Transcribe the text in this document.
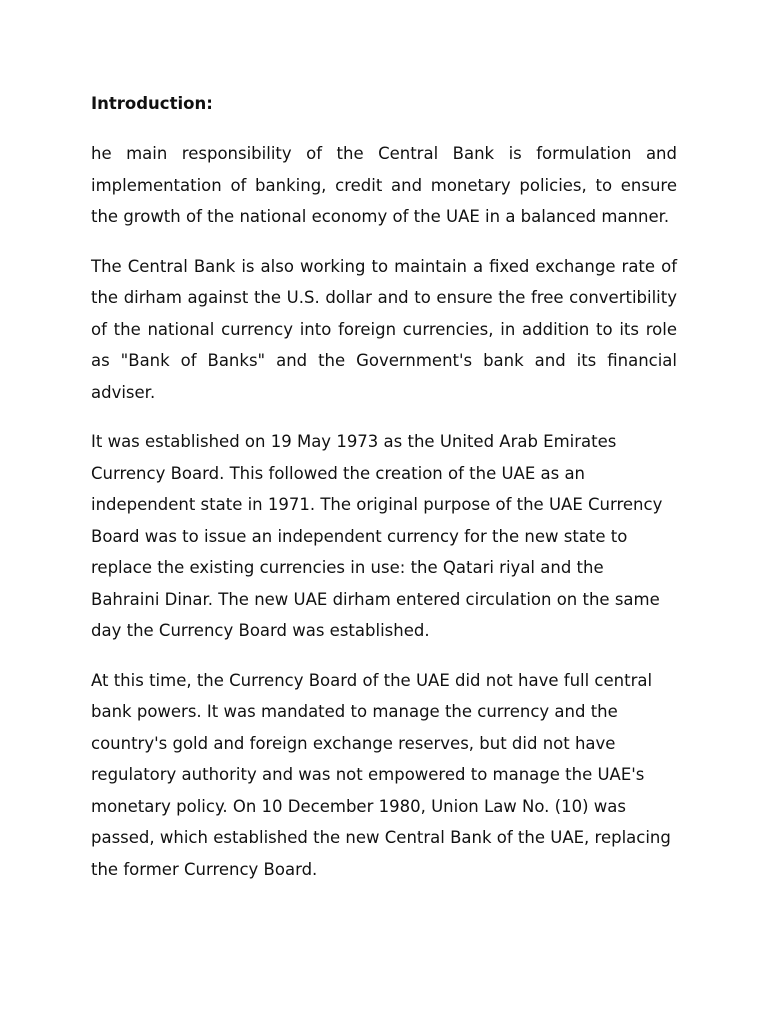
Introduction:

he main responsibility of the Central Bank is formulation and implementation of banking, credit and monetary policies, to ensure the growth of the national economy of the UAE in a balanced manner.

The Central Bank is also working to maintain a fixed exchange rate of the dirham against the U.S. dollar and to ensure the free convertibility of the national currency into foreign currencies, in addition to its role as "Bank of Banks" and the Government's bank and its financial adviser.

It was established on 19 May 1973 as the United Arab Emirates Currency Board. This followed the creation of the UAE as an independent state in 1971. The original purpose of the UAE Currency Board was to issue an independent currency for the new state to replace the existing currencies in use: the Qatari riyal and the Bahraini Dinar. The new UAE dirham entered circulation on the same day the Currency Board was established.

At this time, the Currency Board of the UAE did not have full central bank powers. It was mandated to manage the currency and the country's gold and foreign exchange reserves, but did not have regulatory authority and was not empowered to manage the UAE's monetary policy. On 10 December 1980, Union Law No. (10) was passed, which established the new Central Bank of the UAE, replacing the former Currency Board.
